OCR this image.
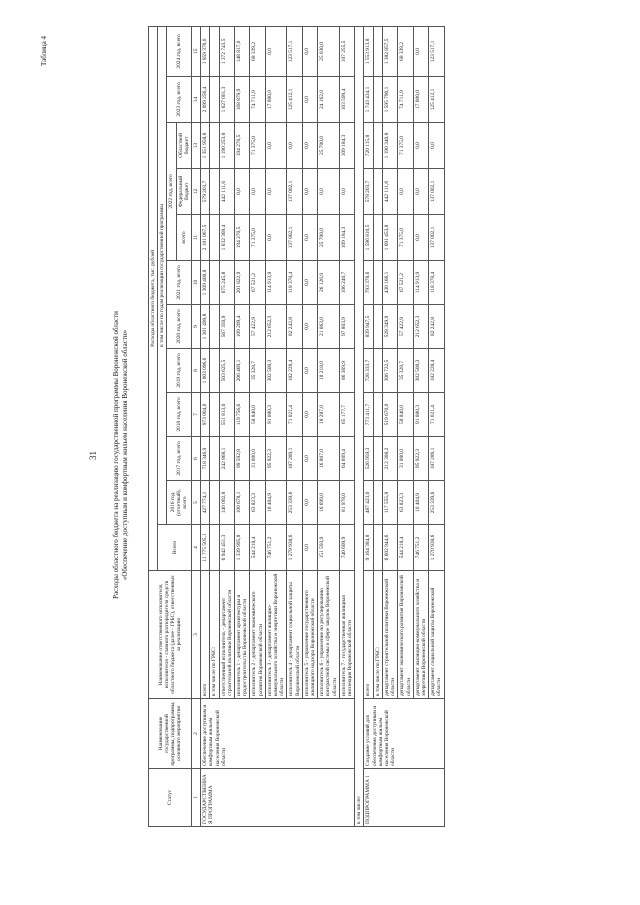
31
Таблица 4
Расходы областного бюджета на реализацию государственной программы Воронежской области «Обеспечение доступным и комфортным жильем населения Воронежской области»
Статус	Наименование государственной программы, подпрограммы, основного мероприятия	Наименование ответственного исполнителя, исполнителя - главного распорядителя средств областного бюджета (далее - ГРБС), ответственных за реализацию	Расходы областного бюджета, тыс. рублей											
			Всего	в том числе по годам реализации государственной программы										
				2016 год (отчетный), всего	2017 год, всего	2018 год, всего	2019 год, всего	2020 год, всего	2021 год, всего	2022 год, всего			2023 год, всего	2024 год, всего
										всего	Федеральный бюджет	Областной бюджет		
1	2	3	4	5	6	7	8	9	10	11	12	13	14	15
ГОСУДАРСТВЕННАЯ ПРОГРАММА	Обеспечение доступным и комфортным жильем населения Воронежской области	всего	11 775 505,1	427 774,1	718 346,9	973 004,0	1 003 096,6	1 301 499,8	1 309 408,8	2 181 067,5	579 203,7	1 351 958,8	2 099 256,4	1 859 376,0
		в том числе по ГРБС:												
		ответственный исполнитель - департамент строительной политики Воронежской области	6 942 451,3	140 002,8	242 868,1	551 813,0	503 625,5	567 350,9	675 245,8	1 632 369,4	442 111,6	1 190 253,8	1 627 001,3	1 372 743,5
		исполнитель 1 - департамент архитектуры и градостроительства Воронежской области	1 339 995,8	100 678,1	99 592,8	119 756,6	206 469,1	109 209,4	201 822,9	194 270,5	0,0	194 270,5	168 879,9	148 817,0
		исполнитель 2 - департамент экономического развития Воронежской области	544 218,4	63 823,3	31 000,0	58 840,0	35 328,7	57 422,9	67 521,2	71 375,0	0,0	71 375,0	74 711,9	68 339,2
		исполнитель 3 - департамент жилищно-коммунального хозяйства и энергетики Воронежской области	746 751,2	10 404,9	95 922,3	91 080,3	302 500,3	212 652,3	114 913,9	0,0	0,0	0,0	17 000,0	0,0
		исполнитель 4 - департамент социальной защиты Воронежской области	1 279 938,6	253 339,6	187 289,1	71 021,4	182 228,4	82 242,8	118 378,4	137 002,1	137 002,1	0,0	125 412,1	123 517,1
		исполнитель 5 - управление государственного жилищного надзора Воронежской области	0,0	0,0	0,0	0,0	0,0	0,0	0,0	0,0	0,0	0,0	0,0	0,0
		исполнитель 6 - управление по регулированию контрактной системы в сфере закупок Воронежской области	151 593,9	16 699,0	16 807,0	18 287,0	18 218,0	21 063,0	26 126,9	25 700,0	0,0	25 700,0	24 162,0	25 030,0
		исполнитель 7 - государственная жилищная инспекция Воронежской области	740 609,9	81 978,0	64 609,4	65 177,7	86 369,9	97 803,9	106 240,7	109 184,3	0,0	109 184,3	103 599,4	107 255,5
в том числе:														
ПОДПРОГРАММА 1	Создание условий для обеспечения доступным и комфортным жильем населения Воронежской области	всего	9 164 384,8	487 423,0	526 959,3	773 411,7	726 333,7	839 947,5	793 378,6	1 596 810,5	578 203,7	720 115,8	1 743 434,1	1 553 913,8
		в том числе по ГРБС:												
		департамент строительной политики Воронежской области	6 602 944,6	117 555,8	212 388,2	519 670,0	306 722,5	528 349,9	430 166,1	1 091 453,8	442 111,6	1 190 340,8	1 595 790,1	1 382 857,5
		департамент экономического развития Воронежской области	544 218,4	63 823,3	31 000,0	58 840,0	35 328,7	57 422,9	67 521,2	71 375,0	0,0	71 375,0	74 711,9	68 339,2
		департамент жилищно-коммунального хозяйства и энергетики Воронежской области	746 751,2	10 404,9	95 922,3	91 080,3	302 500,3	212 652,3	114 913,9	0,0	0,0	0,0	17 000,0	0,0
		департамент социальной защиты Воронежской области	1 270 938,6	253 339,6	187 289,1	71 021,4	182 228,4	82 242,8	118 378,4	137 002,1	137 002,1	0,0	125 412,1	123 517,1
